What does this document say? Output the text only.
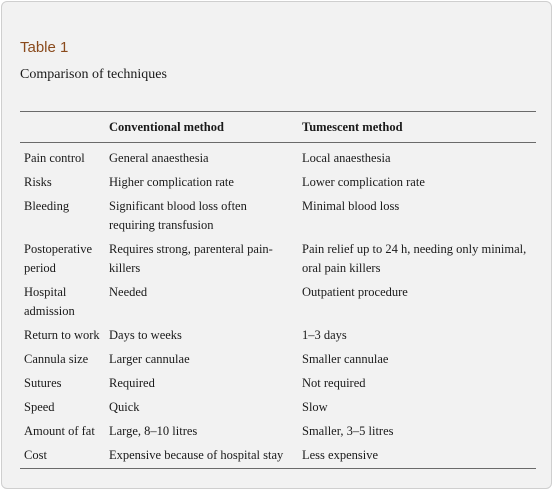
Table 1
Comparison of techniques
	Conventional method	Tumescent method
Pain control	General anaesthesia	Local anaesthesia
Risks	Higher complication rate	Lower complication rate
Bleeding	Significant blood loss often requiring transfusion	Minimal blood loss
Postoperative period	Requires strong, parenteral pain-killers	Pain relief up to 24 h, needing only minimal, oral pain killers
Hospital admission	Needed	Outpatient procedure
Return to work	Days to weeks	1–3 days
Cannula size	Larger cannulae	Smaller cannulae
Sutures	Required	Not required
Speed	Quick	Slow
Amount of fat	Large, 8–10 litres	Smaller, 3–5 litres
Cost	Expensive because of hospital stay	Less expensive
